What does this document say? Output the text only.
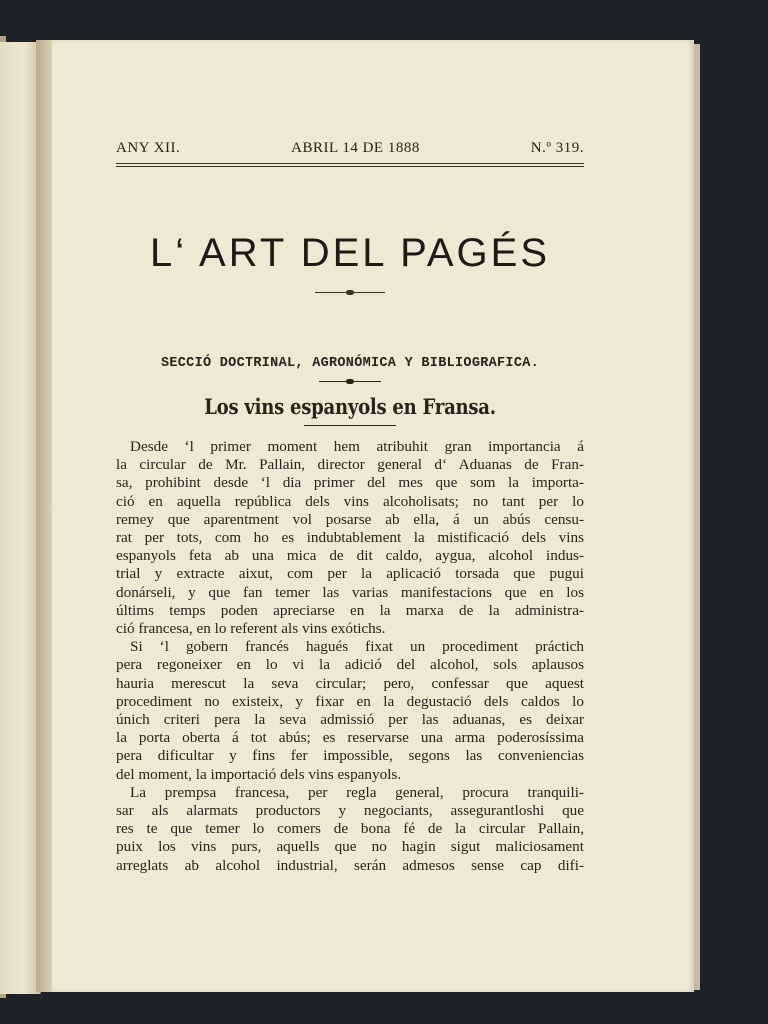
ANY XII.	ABRIL 14 DE 1888	N.º 319.
L‘ ART DEL PAGÉS
SECCIÓ DOCTRINAL, AGRONÓMICA Y BIBLIOGRAFICA.
Los vins espanyols en Fransa.

Desde ‘l primer moment hem atribuhit gran importancia á
la circular de Mr. Pallain, director general d‘ Aduanas de Fran-
sa, prohibint desde ‘l dia primer del mes que som la importa-
ció en aquella república dels vins alcoholisats; no tant per lo
remey que aparentment vol posarse ab ella, á un abús censu-
rat per tots, com ho es indubtablement la mistificació dels vins
espanyols feta ab una mica de dit caldo, aygua, alcohol indus-
trial y extracte aixut, com per la aplicació torsada que pugui
donárseli, y que fan temer las varias manifestacions que en los
últims temps poden apreciarse en la marxa de la administra-
ció francesa, en lo referent als vins exótichs.

Si ‘l gobern francés hagués fixat un procediment práctich
pera regoneixer en lo vi la adició del alcohol, sols aplausos
hauria merescut la seva circular; pero, confessar que aquest
procediment no existeix, y fixar en la degustació dels caldos lo
únich criteri pera la seva admissió per las aduanas, es deixar
la porta oberta á tot abús; es reservarse una arma poderosíssima
pera dificultar y fins fer impossible, segons las conveniencias
del moment, la importació dels vins espanyols.

La prempsa francesa, per regla general, procura tranquili-
sar als alarmats productors y negociants, assegurantloshi que
res te que temer lo comers de bona fé de la circular Pallain,
puix los vins purs, aquells que no hagin sigut maliciosament
arreglats ab alcohol industrial, serán admesos sense cap difi-
